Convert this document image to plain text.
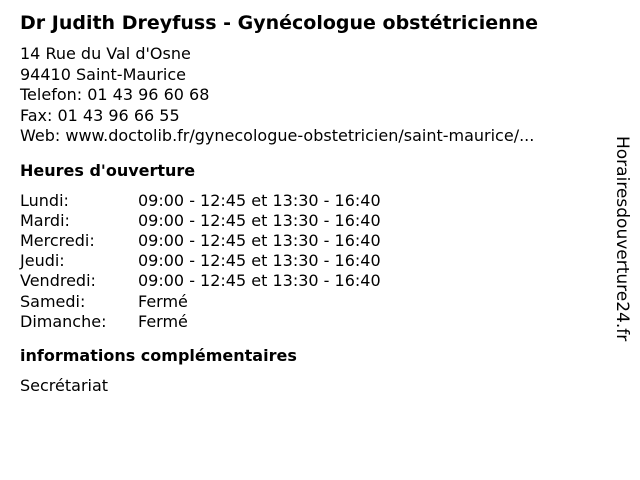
Dr Judith Dreyfuss - Gynécologue obstétricienne
14 Rue du Val d'Osne
94410 Saint-Maurice
Telefon: 01 43 96 60 68
Fax: 01 43 96 66 55
Web: www.doctolib.fr/gynecologue-obstetricien/saint-maurice/...
Heures d'ouverture
Lundi:	09:00 - 12:45 et 13:30 - 16:40
Mardi:	09:00 - 12:45 et 13:30 - 16:40
Mercredi:	09:00 - 12:45 et 13:30 - 16:40
Jeudi:	09:00 - 12:45 et 13:30 - 16:40
Vendredi:	09:00 - 12:45 et 13:30 - 16:40
Samedi:	Fermé
Dimanche: Fermé
informations complémentaires
Secrétariat
Horairesdouverture24.fr
